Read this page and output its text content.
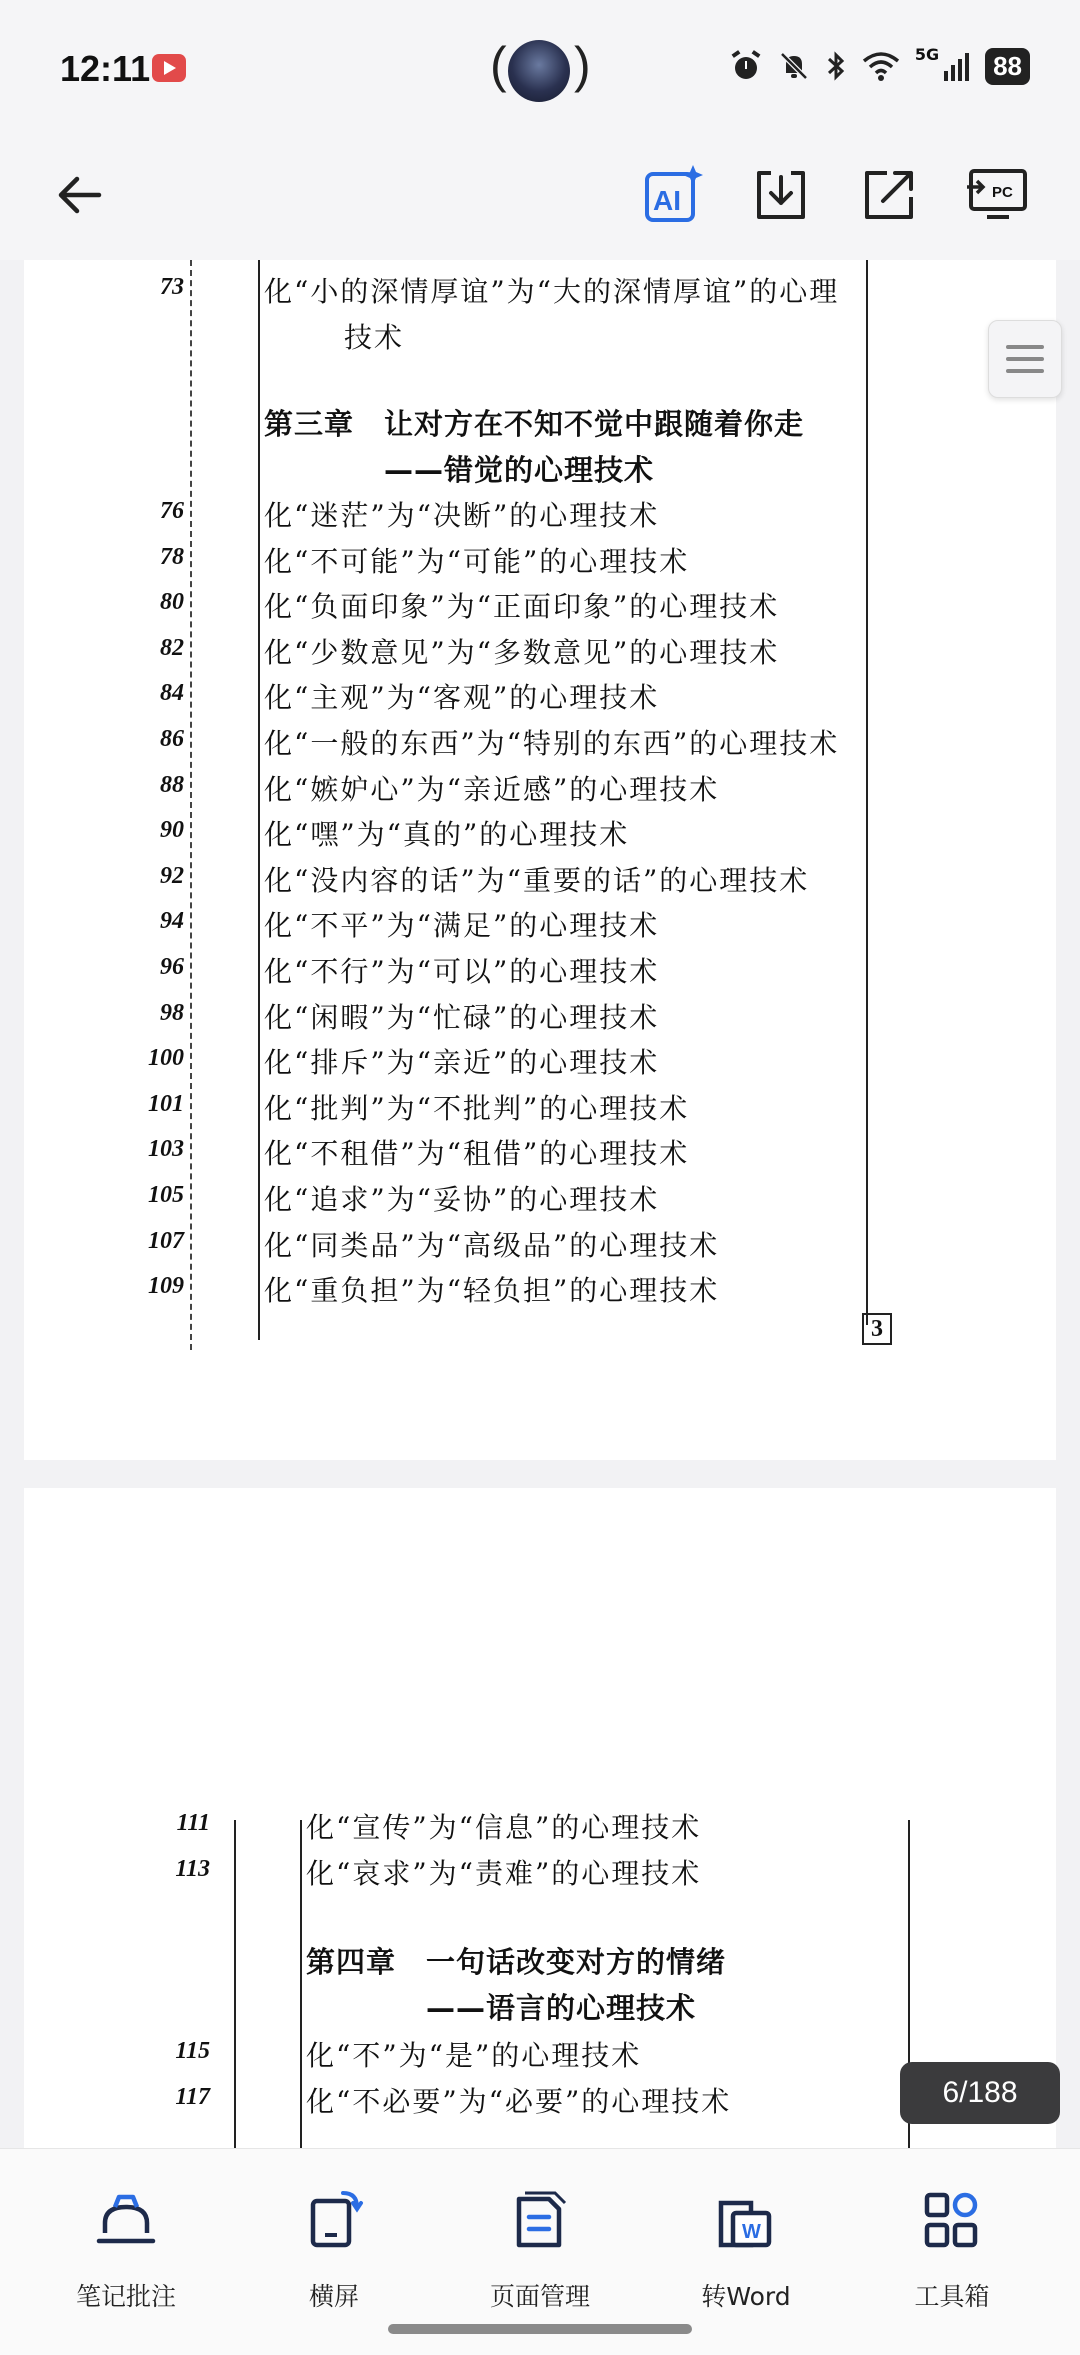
12:11	( )	5G	88
AI	PC
73	化“小的深情厚谊”为“大的深情厚谊”的心理
技术
第三章　让对方在不知不觉中跟随着你走
——错觉的心理技术
76	化“迷茫”为“决断”的心理技术
78	化“不可能”为“可能”的心理技术
80	化“负面印象”为“正面印象”的心理技术
82	化“少数意见”为“多数意见”的心理技术
84	化“主观”为“客观”的心理技术
86	化“一般的东西”为“特别的东西”的心理技术
88	化“嫉妒心”为“亲近感”的心理技术
90	化“嘿”为“真的”的心理技术
92	化“没内容的话”为“重要的话”的心理技术
94	化“不平”为“满足”的心理技术
96	化“不行”为“可以”的心理技术
98	化“闲暇”为“忙碌”的心理技术
100	化“排斥”为“亲近”的心理技术
101	化“批判”为“不批判”的心理技术
103	化“不租借”为“租借”的心理技术
105	化“追求”为“妥协”的心理技术
107	化“同类品”为“高级品”的心理技术
109	化“重负担”为“轻负担”的心理技术
3
111	化“宣传”为“信息”的心理技术
113	化“哀求”为“责难”的心理技术
第四章　一句话改变对方的情绪
——语言的心理技术
115	化“不”为“是”的心理技术
117	化“不必要”为“必要”的心理技术	6/188
笔记批注	横屏	页面管理
W
转Word	工具箱
